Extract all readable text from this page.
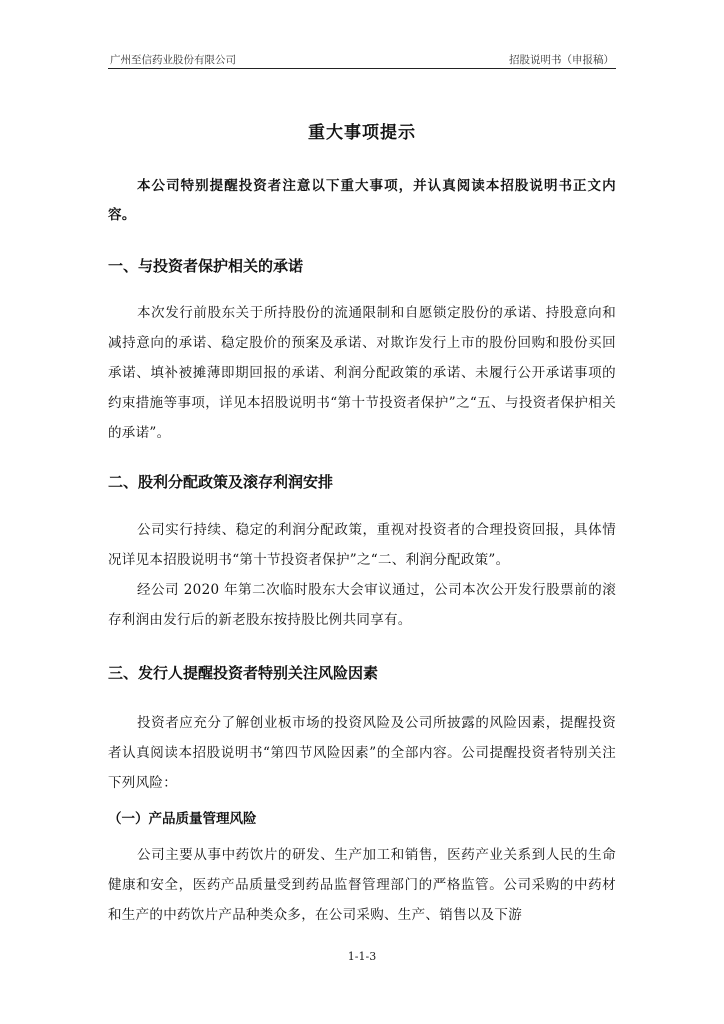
广州至信药业股份有限公司	招股说明书（申报稿）
重大事项提示
本公司特别提醒投资者注意以下重大事项，并认真阅读本招股说明书正文内容。
一、与投资者保护相关的承诺
本次发行前股东关于所持股份的流通限制和自愿锁定股份的承诺、持股意向和减持意向的承诺、稳定股价的预案及承诺、对欺诈发行上市的股份回购和股份买回承诺、填补被摊薄即期回报的承诺、利润分配政策的承诺、未履行公开承诺事项的约束措施等事项，详见本招股说明书“第十节投资者保护”之“五、与投资者保护相关的承诺”。
二、股利分配政策及滚存利润安排
公司实行持续、稳定的利润分配政策，重视对投资者的合理投资回报，具体情况详见本招股说明书“第十节投资者保护”之“二、利润分配政策”。
经公司 2020 年第二次临时股东大会审议通过，公司本次公开发行股票前的滚存利润由发行后的新老股东按持股比例共同享有。
三、发行人提醒投资者特别关注风险因素
投资者应充分了解创业板市场的投资风险及公司所披露的风险因素，提醒投资者认真阅读本招股说明书“第四节风险因素”的全部内容。公司提醒投资者特别关注下列风险：
（一）产品质量管理风险
公司主要从事中药饮片的研发、生产加工和销售，医药产业关系到人民的生命健康和安全，医药产品质量受到药品监督管理部门的严格监管。公司采购的中药材和生产的中药饮片产品种类众多，在公司采购、生产、销售以及下游
1-1-3
